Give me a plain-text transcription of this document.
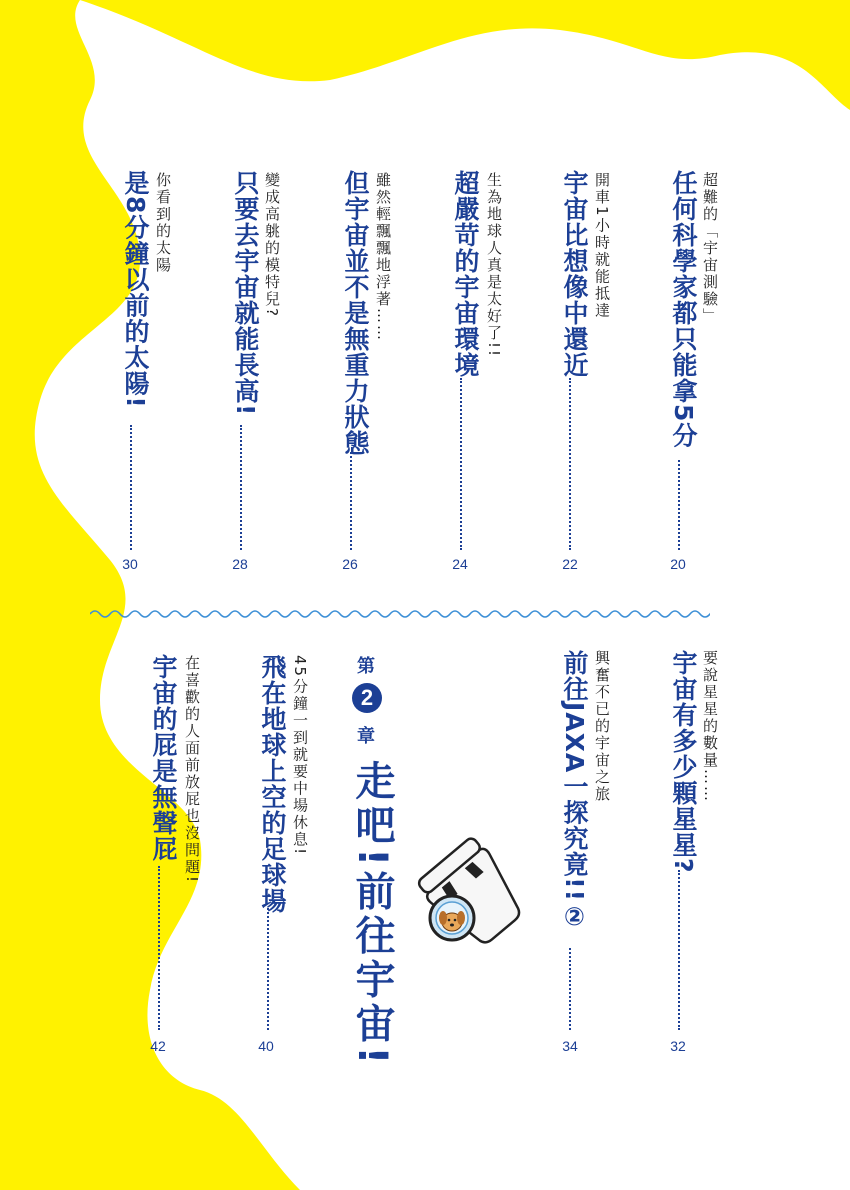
超難的「宇宙測驗」
任何科學家都只能拿5分
20
開車1小時就能抵達
宇宙比想像中還近
22
生為地球人真是太好了!!
超嚴苛的宇宙環境
24
雖然輕飄飄地浮著……
但宇宙並不是無重力狀態
26
變成高䠷的模特兒?
只要去宇宙就能長高!
28
你看到的太陽
是8分鐘以前的太陽!
30
要說星星的數量……
宇宙有多少顆星星?
32
興奮不已的宇宙之旅
前往JAXA一探究竟!!②
34
第
2
章
走吧!前往宇宙!
45分鐘一到就要中場休息!
飛在地球上空的足球場
40
在喜歡的人面前放屁也沒問題!
宇宙的屁是無聲屁
42
